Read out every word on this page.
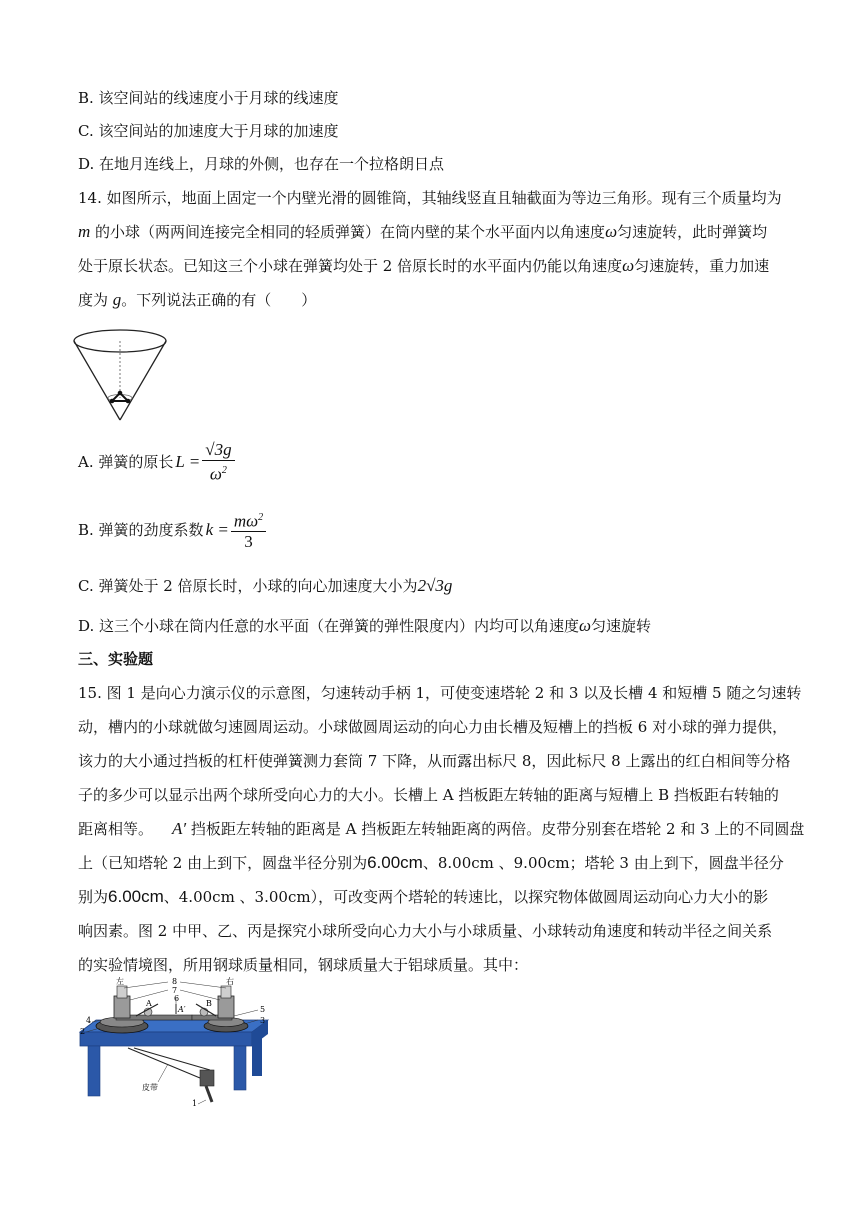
B. 该空间站的线速度小于月球的线速度
C. 该空间站的加速度大于月球的加速度
D. 在地月连线上，月球的外侧，也存在一个拉格朗日点
14. 如图所示，地面上固定一个内壁光滑的圆锥筒，其轴线竖直且轴截面为等边三角形。现有三个质量均为
m 的小球（两两间连接完全相同的轻质弹簧）在筒内壁的某个水平面内以角速度ω匀速旋转，此时弹簧均
处于原长状态。已知这三个小球在弹簧均处于 2 倍原长时的水平面内仍能以角速度ω匀速旋转，重力加速
度为 g。下列说法正确的有（　　）
A. 弹簧的原长 $L = \frac{√3g}{\omega^2}$
B. 弹簧的劲度系数 $k = \frac{m\omega^2}{3}$
C. 弹簧处于 2 倍原长时，小球的向心加速度大小为2√3g
D. 这三个小球在筒内任意的水平面（在弹簧的弹性限度内）内均可以角速度ω匀速旋转
三、实验题
15. 图 1 是向心力演示仪的示意图，匀速转动手柄 1，可使变速塔轮 2 和 3 以及长槽 4 和短槽 5 随之匀速转
动，槽内的小球就做匀速圆周运动。小球做圆周运动的向心力由长槽及短槽上的挡板 6 对小球的弹力提供，
该力的大小通过挡板的杠杆使弹簧测力套筒 7 下降，从而露出标尺 8，因此标尺 8 上露出的红白相间等分格
子的多少可以显示出两个球所受向心力的大小。长槽上 A 挡板距左转轴的距离与短槽上 B 挡板距右转轴的
距离相等。 A′ 挡板距左转轴的距离是 A 挡板距左转轴距离的两倍。皮带分别套在塔轮 2 和 3 上的不同圆盘
上（已知塔轮 2 由上到下，圆盘半径分别为6.00cm、8.00cm 、9.00cm；塔轮 3 由上到下，圆盘半径分
别为6.00cm、4.00cm 、3.00cm），可改变两个塔轮的转速比，以探究物体做圆周运动向心力大小的影
响因素。图 2 中甲、乙、丙是探究小球所受向心力大小与小球质量、小球转动角速度和转动半径之间关系
的实验情境图，所用钢球质量相同，钢球质量大于铝球质量。其中：
左	右
8
7
6
A
A′
B
5
3
4
2
1
皮带
